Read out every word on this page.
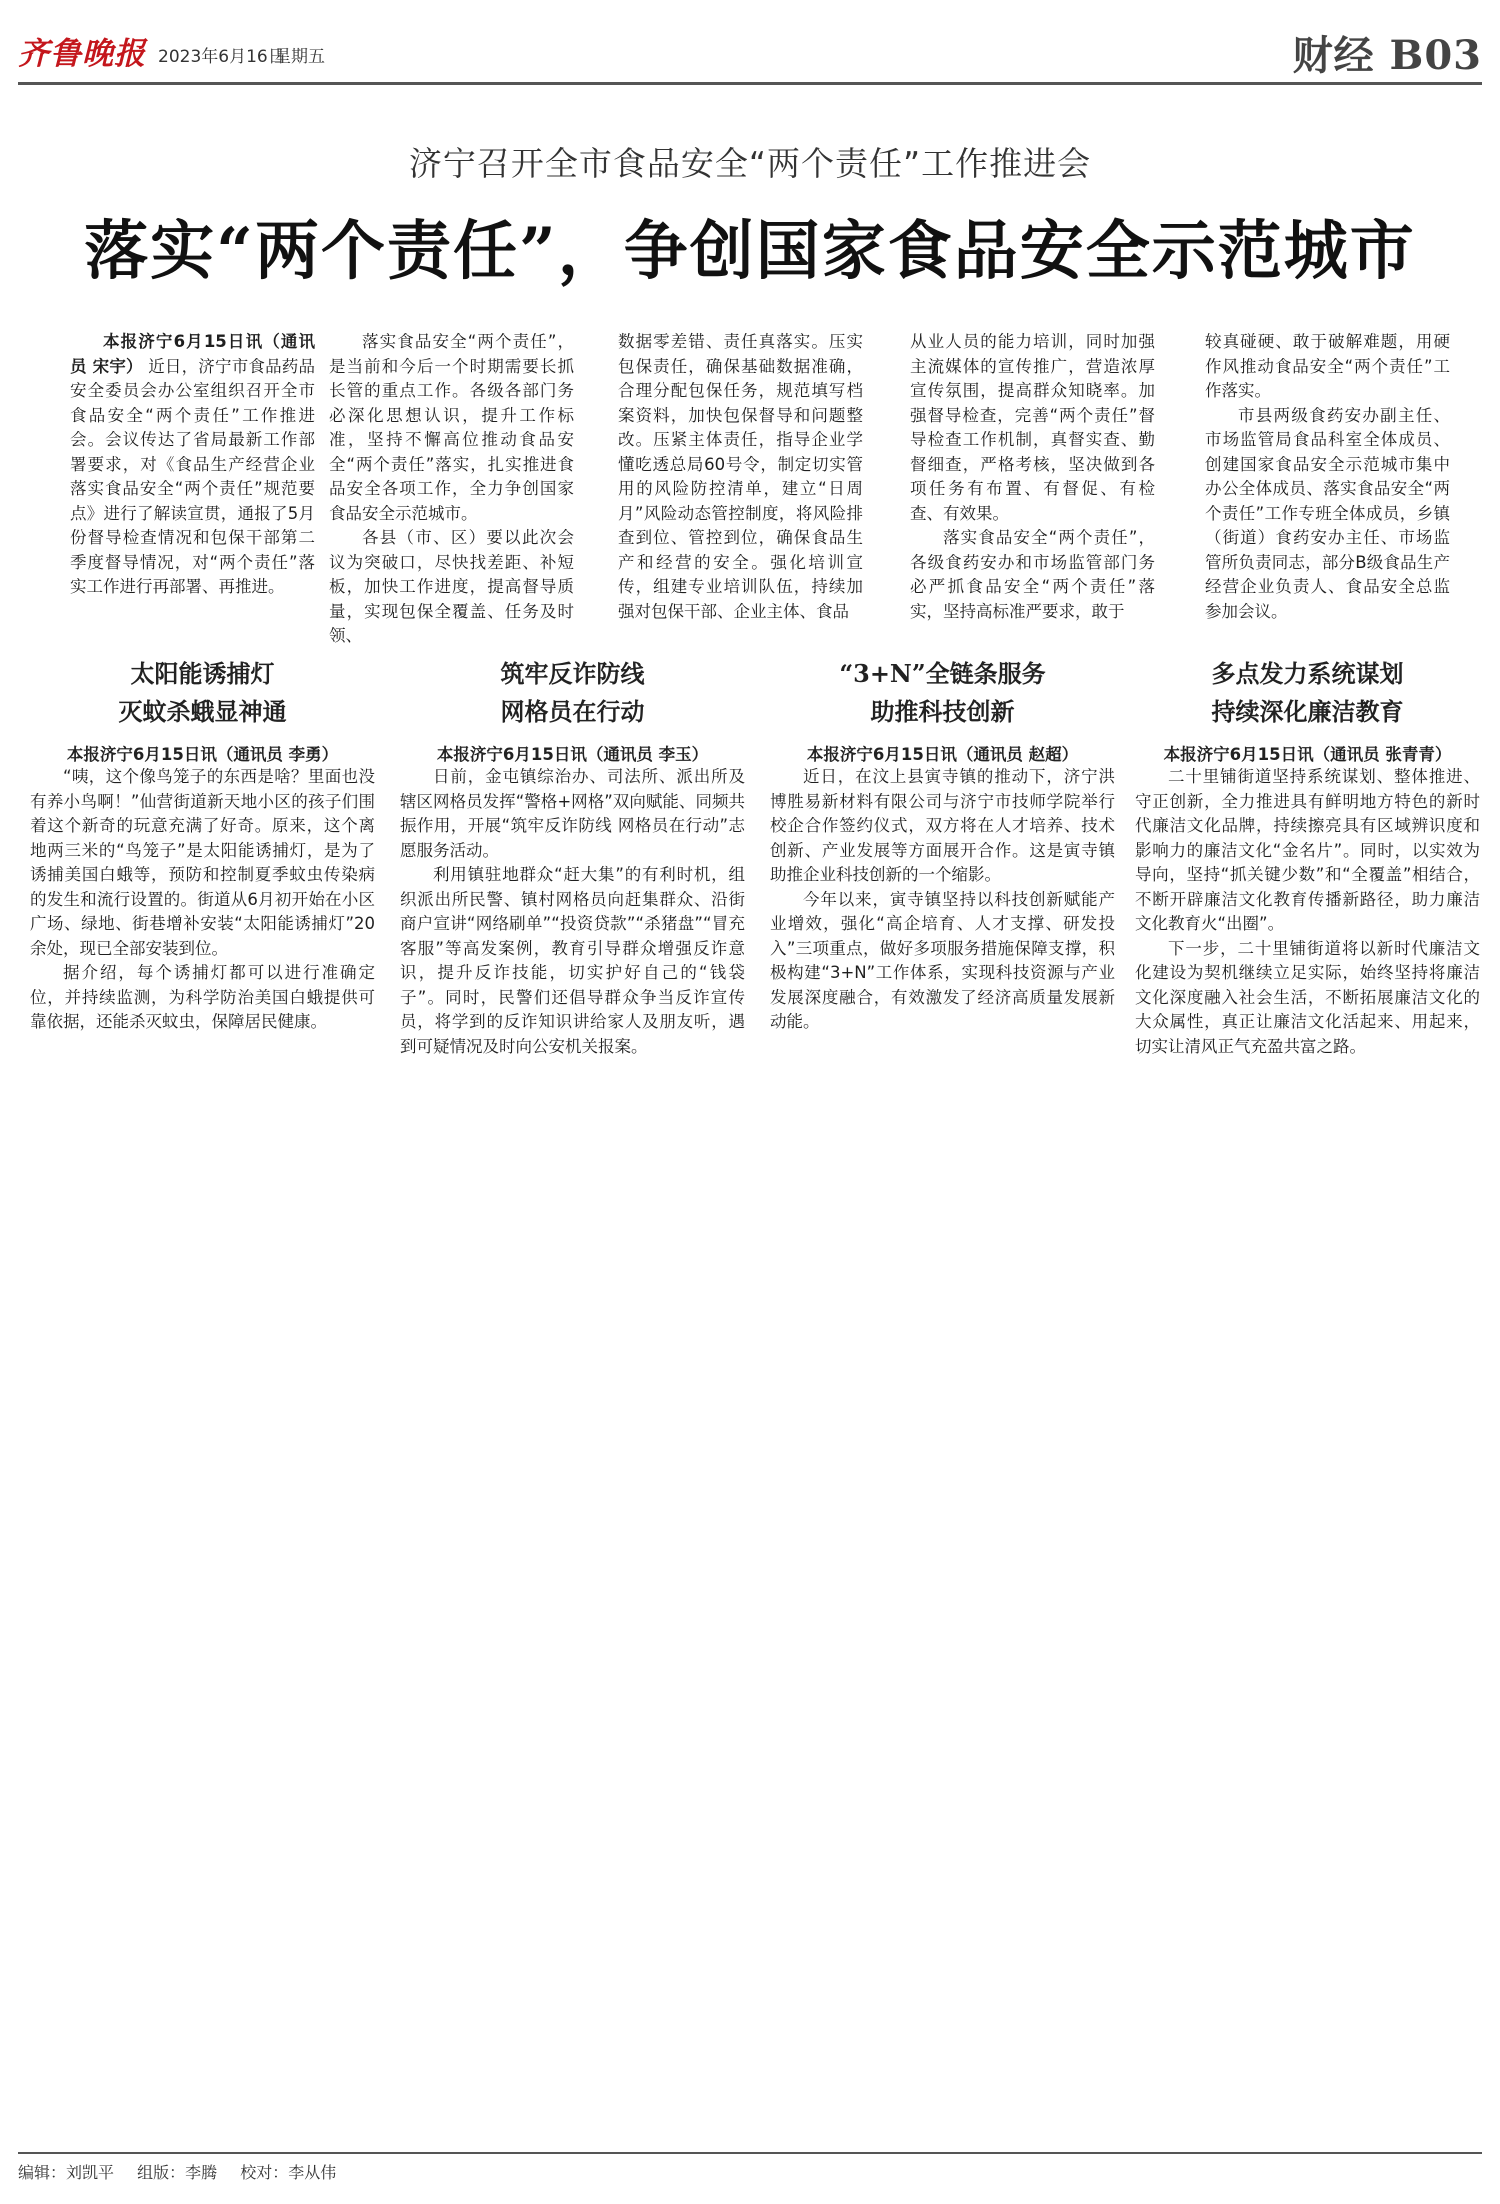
齐鲁晚报 2023年6月16日
星期五	财经 B03
济宁召开全市食品安全“两个责任”工作推进会
落实“两个责任”，争创国家食品安全示范城市

本报济宁6月15日讯（通讯员 宋宇） 近日，济宁市食品药品安全委员会办公室组织召开全市食品安全“两个责任”工作推进会。会议传达了省局最新工作部署要求，对《食品生产经营企业落实食品安全“两个责任”规范要点》进行了解读宣贯，通报了5月份督导检查情况和包保干部第二季度督导情况，对“两个责任”落实工作进行再部署、再推进。

落实食品安全“两个责任”，是当前和今后一个时期需要长抓长管的重点工作。各级各部门务必深化思想认识，提升工作标准，坚持不懈高位推动食品安全“两个责任”落实，扎实推进食品安全各项工作，全力争创国家食品安全示范城市。

各县（市、区）要以此次会议为突破口，尽快找差距、补短板，加快工作进度，提高督导质量，实现包保全覆盖、任务及时领、

数据零差错、责任真落实。压实包保责任，确保基础数据准确，合理分配包保任务，规范填写档案资料，加快包保督导和问题整改。压紧主体责任，指导企业学懂吃透总局60号令，制定切实管用的风险防控清单，建立“日周月”风险动态管控制度，将风险排查到位、管控到位，确保食品生产和经营的安全。强化培训宣传，组建专业培训队伍，持续加强对包保干部、企业主体、食品

从业人员的能力培训，同时加强主流媒体的宣传推广，营造浓厚宣传氛围，提高群众知晓率。加强督导检查，完善“两个责任”督导检查工作机制，真督实查、勤督细查，严格考核，坚决做到各项任务有布置、有督促、有检查、有效果。

落实食品安全“两个责任”，各级食药安办和市场监管部门务必严抓食品安全“两个责任”落实，坚持高标准严要求，敢于

较真碰硬、敢于破解难题，用硬作风推动食品安全“两个责任”工作落实。

市县两级食药安办副主任、市场监管局食品科室全体成员、创建国家食品安全示范城市集中办公全体成员、落实食品安全“两个责任”工作专班全体成员，乡镇（街道）食药安办主任、市场监管所负责同志，部分B级食品生产经营企业负责人、食品安全总监参加会议。

太阳能诱捕灯
灭蚊杀蛾显神通
本报济宁6月15日讯（通讯员 李勇）

“咦，这个像鸟笼子的东西是啥？里面也没有养小鸟啊！”仙营街道新天地小区的孩子们围着这个新奇的玩意充满了好奇。原来，这个离地两三米的“鸟笼子”是太阳能诱捕灯，是为了诱捕美国白蛾等，预防和控制夏季蚊虫传染病的发生和流行设置的。街道从6月初开始在小区广场、绿地、街巷增补安装“太阳能诱捕灯”20余处，现已全部安装到位。

据介绍，每个诱捕灯都可以进行准确定位，并持续监测，为科学防治美国白蛾提供可靠依据，还能杀灭蚊虫，保障居民健康。

筑牢反诈防线
网格员在行动
本报济宁6月15日讯（通讯员 李玉）

日前，金屯镇综治办、司法所、派出所及辖区网格员发挥“警格+网格”双向赋能、同频共振作用，开展“筑牢反诈防线 网格员在行动”志愿服务活动。

利用镇驻地群众“赶大集”的有利时机，组织派出所民警、镇村网格员向赶集群众、沿街商户宣讲“网络刷单”“投资贷款”“杀猪盘”“冒充客服”等高发案例，教育引导群众增强反诈意识，提升反诈技能，切实护好自己的“钱袋子”。同时，民警们还倡导群众争当反诈宣传员，将学到的反诈知识讲给家人及朋友听，遇到可疑情况及时向公安机关报案。

“3+N”全链条服务
助推科技创新
本报济宁6月15日讯（通讯员 赵超）

近日，在汶上县寅寺镇的推动下，济宁洪博胜易新材料有限公司与济宁市技师学院举行校企合作签约仪式，双方将在人才培养、技术创新、产业发展等方面展开合作。这是寅寺镇助推企业科技创新的一个缩影。

今年以来，寅寺镇坚持以科技创新赋能产业增效，强化“高企培育、人才支撑、研发投入”三项重点，做好多项服务措施保障支撑，积极构建“3+N”工作体系，实现科技资源与产业发展深度融合，有效激发了经济高质量发展新动能。

多点发力系统谋划
持续深化廉洁教育
本报济宁6月15日讯（通讯员 张青青）

二十里铺街道坚持系统谋划、整体推进、守正创新，全力推进具有鲜明地方特色的新时代廉洁文化品牌，持续擦亮具有区域辨识度和影响力的廉洁文化“金名片”。同时，以实效为导向，坚持“抓关键少数”和“全覆盖”相结合，不断开辟廉洁文化教育传播新路径，助力廉洁文化教育火“出圈”。

下一步，二十里铺街道将以新时代廉洁文化建设为契机继续立足实际，始终坚持将廉洁文化深度融入社会生活，不断拓展廉洁文化的大众属性，真正让廉洁文化活起来、用起来，切实让清风正气充盈共富之路。

编辑：刘凯平 组版：李腾 校对：李从伟
